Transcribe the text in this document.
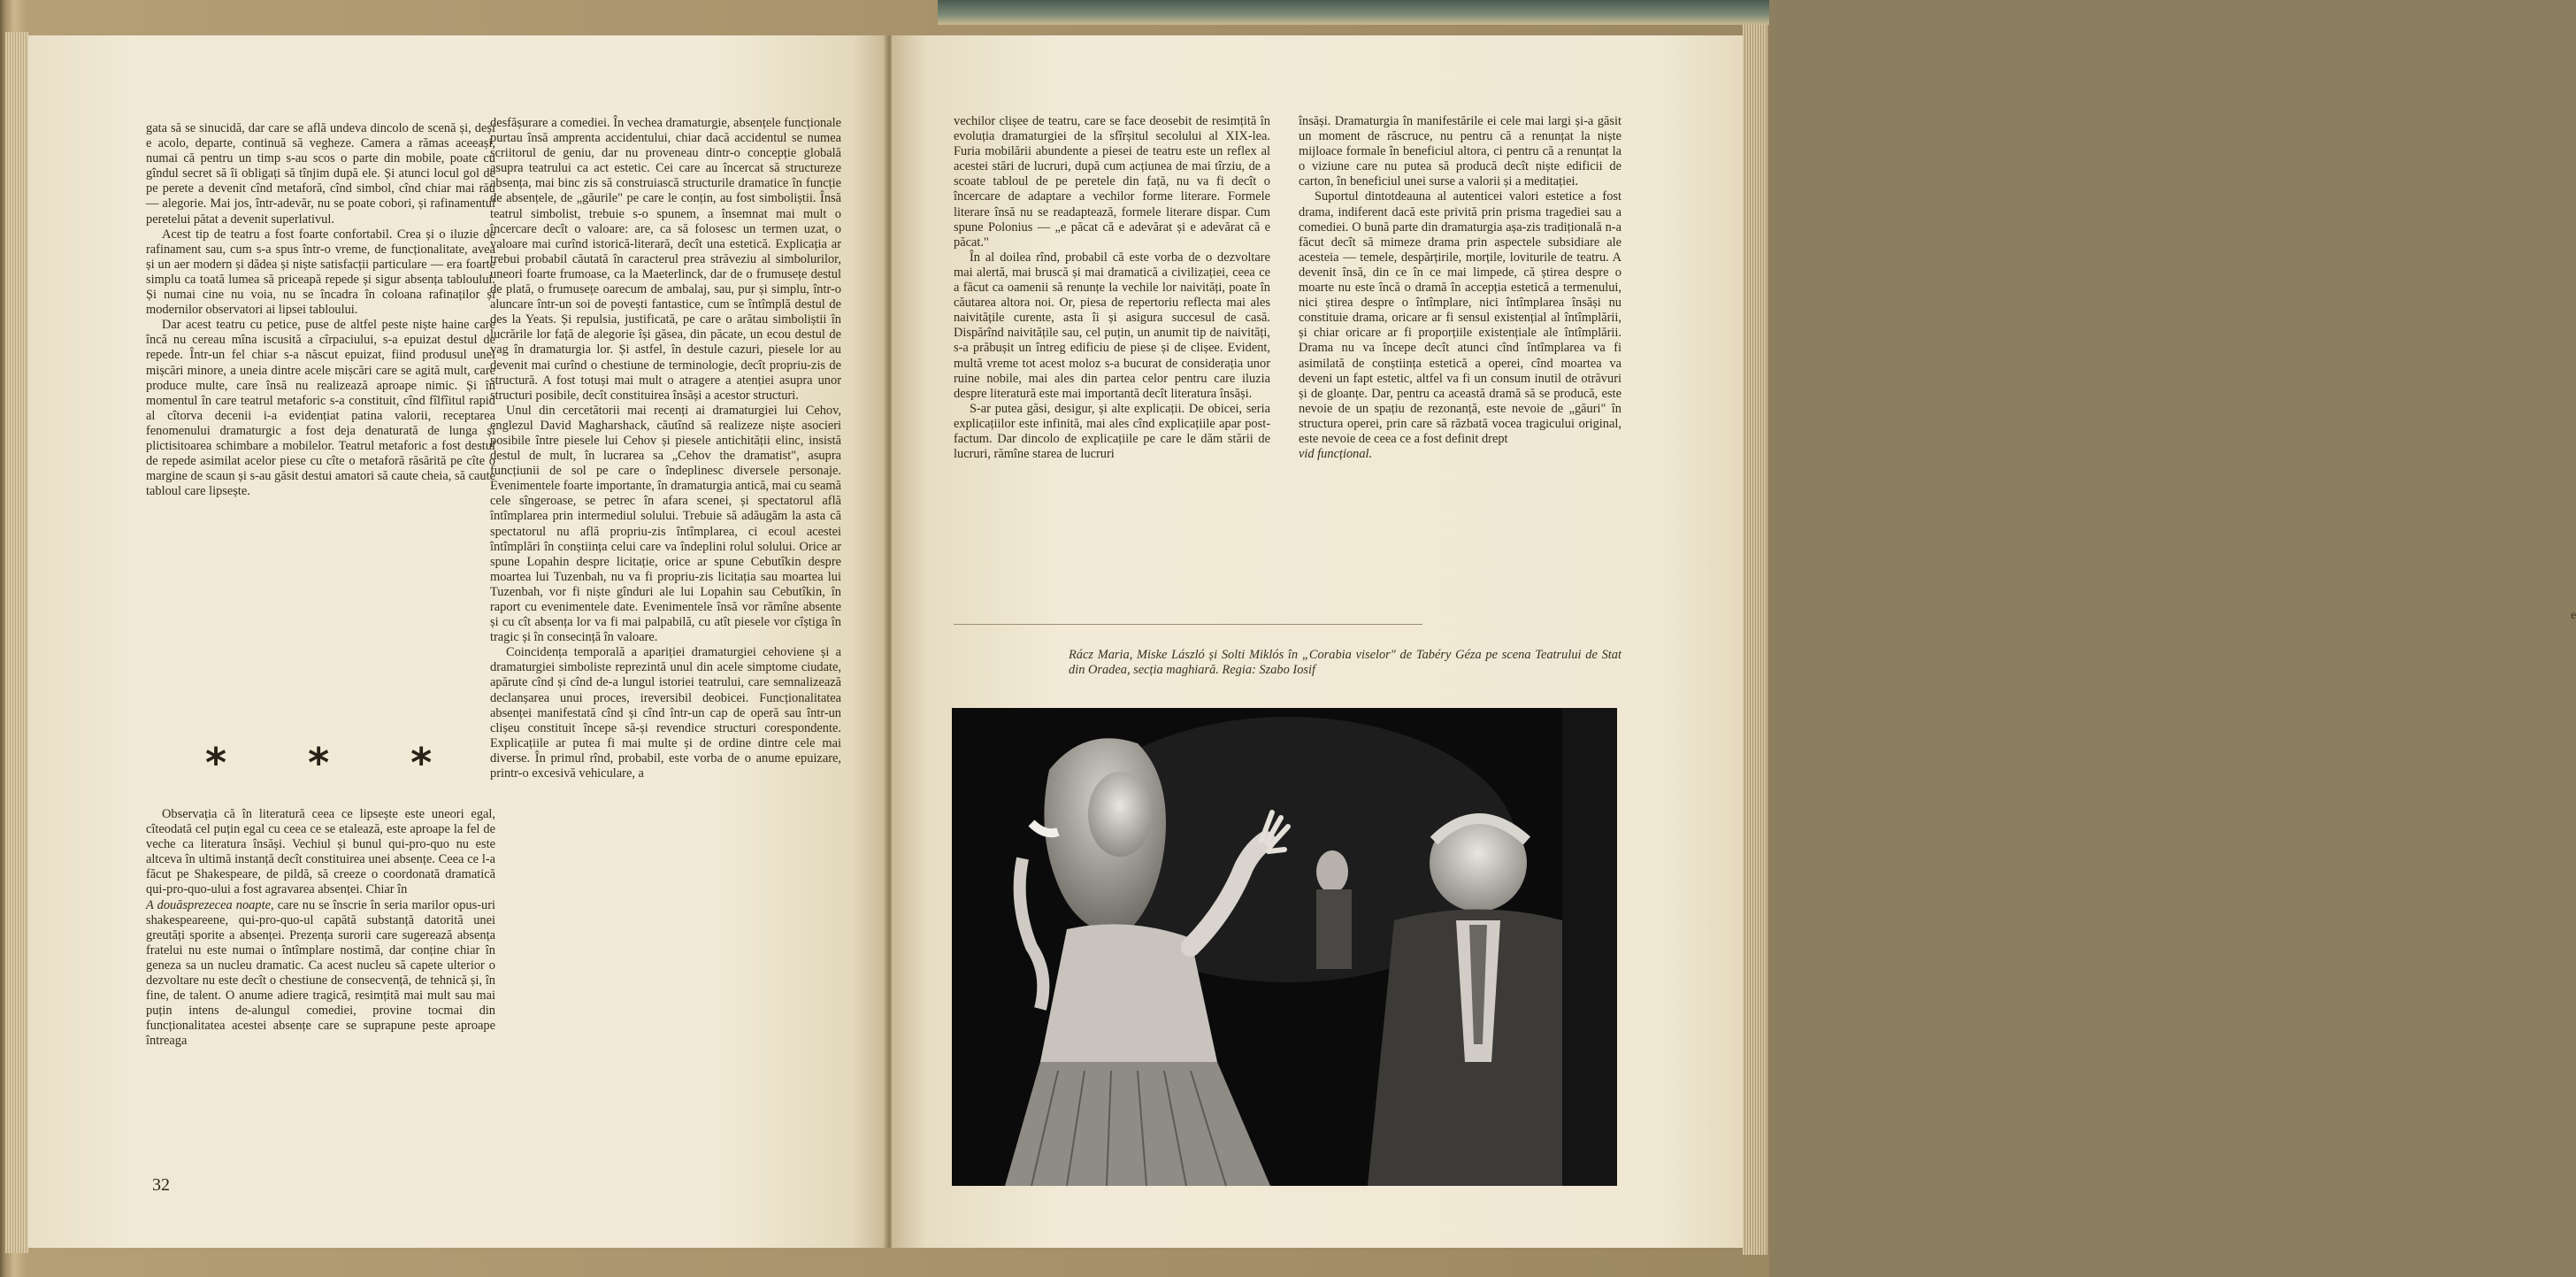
gata să se sinucidă, dar care se află undeva dincolo de scenă și, deși e acolo, departe, continuă să vegheze. Camera a rămas aceeași, numai că pentru un timp s-au scos o parte din mobile, poate cu gîndul secret să îi obligați să tînjim după ele. Și atunci locul gol de pe perete a devenit cînd metaforă, cînd simbol, cînd chiar mai rău — alegorie. Mai jos, într-adevăr, nu se poate cobori, și rafinamentul peretelui pătat a devenit superlativul.

Acest tip de teatru a fost foarte confortabil. Crea și o iluzie de rafinament sau, cum s-a spus într-o vreme, de funcționalitate, avea și un aer modern și dădea și niște satisfacții particulare — era foarte simplu ca toată lumea să priceapă repede și sigur absența tabloului. Și numai cine nu voia, nu se încadra în coloana rafinaților și modernilor observatori ai lipsei tabloului.

Dar acest teatru cu petice, puse de altfel peste niște haine care încă nu cereau mîna iscusită a cîrpaciului, s-a epuizat destul de repede. Într-un fel chiar s-a născut epuizat, fiind produsul unei mișcări minore, a uneia dintre acele mișcări care se agită mult, care produce multe, care însă nu realizează aproape nimic. Și în momentul în care teatrul metaforic s-a constituit, cînd fîlfîitul rapid al cîtorva decenii i-a evidențiat patina valorii, receptarea fenomenului dramaturgic a fost deja denaturată de lunga și plictisitoarea schimbare a mobilelor. Teatrul metaforic a fost destul de repede asimilat acelor piese cu cîte o metaforă răsărită pe cîte o margine de scaun și s-au găsit destui amatori să caute cheia, să caute tabloul care lipsește.

* * *

Observația că în literatură ceea ce lipsește este uneori egal, cîteodată cel puțin egal cu ceea ce se etalează, este aproape la fel de veche ca literatura însăși. Vechiul și bunul qui-pro-quo nu este altceva în ultimă instanță decît constituirea unei absențe. Ceea ce l-a făcut pe Shakespeare, de pildă, să creeze o coordonată dramatică qui-pro-quo-ului a fost agravarea absenței. Chiar în

A douăsprezecea noapte, care nu se înscrie în seria marilor opus-uri shakespeareene, qui-pro-quo-ul capătă substanță datorită unei greutăți sporite a absenței. Prezența surorii care sugerează absența fratelui nu este numai o întîmplare nostimă, dar conține chiar în geneza sa un nucleu dramatic. Ca acest nucleu să capete ulterior o dezvoltare nu este decît o chestiune de consecvență, de tehnică și, în fine, de talent. O anume adiere tragică, resimțită mai mult sau mai puțin intens de-alungul comediei, provine tocmai din funcționalitatea acestei absențe care se suprapune peste aproape întreaga

desfășurare a comediei. În vechea dramaturgie, absențele funcționale purtau însă amprenta accidentului, chiar dacă accidentul se numea scriitorul de geniu, dar nu proveneau dintr-o concepție globală asupra teatrului ca act estetic. Cei care au încercat să structureze absența, mai binc zis să construiască structurile dramatice în funcție de absențele, de „găurile" pe care le conțin, au fost simboliștii. Însă teatrul simbolist, trebuie s-o spunem, a însemnat mai mult o încercare decît o valoare: are, ca să folosesc un termen uzat, o valoare mai curînd istorică-literară, decît una estetică. Explicația ar trebui probabil căutată în caracterul prea străveziu al simbolurilor, uneori foarte frumoase, ca la Maeterlinck, dar de o frumusețe destul de plată, o frumusețe oarecum de ambalaj, sau, pur și simplu, într-o aluncare într-un soi de povești fantastice, cum se întîmplă destul de des la Yeats. Și repulsia, justificată, pe care o arătau simboliștii în lucrările lor față de alegorie își găsea, din păcate, un ecou destul de vag în dramaturgia lor. Și astfel, în destule cazuri, piesele lor au devenit mai curînd o chestiune de terminologie, decît propriu-zis de structură. A fost totuși mai mult o atragere a atenției asupra unor structuri posibile, decît constituirea însăși a acestor structuri.

Unul din cercetătorii mai recenți ai dramaturgiei lui Cehov, englezul David Magharshack, căutînd să realizeze niște asocieri posibile între piesele lui Cehov și piesele antichității elinc, insistă destul de mult, în lucrarea sa „Cehov the dramatist", asupra funcțiunii de sol pe care o îndeplinesc diversele personaje. Evenimentele foarte importante, în dramaturgia antică, mai cu seamă cele sîngeroase, se petrec în afara scenei, și spectatorul află întîmplarea prin intermediul solului. Trebuie să adăugăm la asta că spectatorul nu află propriu-zis întîmplarea, ci ecoul acestei întîmplări în conștiința celui care va îndeplini rolul solului. Orice ar spune Lopahin despre licitație, orice ar spune Cebutîkin despre moartea lui Tuzenbah, nu va fi propriu-zis licitația sau moartea lui Tuzenbah, vor fi niște gînduri ale lui Lopahin sau Cebutîkin, în raport cu evenimentele date. Evenimentele însă vor rămîne absente și cu cît absența lor va fi mai palpabilă, cu atît piesele vor cîștiga în tragic și în consecință în valoare.

Coincidența temporală a apariției dramaturgiei cehoviene și a dramaturgiei simboliste reprezintă unul din acele simptome ciudate, apărute cînd și cînd de-a lungul istoriei teatrului, care semnalizează declanșarea unui proces, ireversibil deobicei. Funcționalitatea absenței manifestată cînd și cînd într-un cap de operă sau într-un clișeu constituit începe să-și revendice structuri corespondente. Explicațiile ar putea fi mai multe și de ordine dintre cele mai diverse. În primul rînd, probabil, este vorba de o anume epuizare, printr-o excesivă vehiculare, a

32

vechilor clișee de teatru, care se face deosebit de resimțită în evoluția dramaturgiei de la sfîrșitul secolului al XIX-lea. Furia mobilării abundente a piesei de teatru este un reflex al acestei stări de lucruri, după cum acțiunea de mai tîrziu, de a scoate tabloul de pe peretele din față, nu va fi decît o încercare de adaptare a vechilor forme literare. Formele literare însă nu se readaptează, formele literare dispar. Cum spune Polonius — „e păcat că e adevărat și e adevărat că e păcat."

În al doilea rînd, probabil că este vorba de o dezvoltare mai alertă, mai bruscă și mai dramatică a civilizației, ceea ce a făcut ca oamenii să renunțe la vechile lor naivități, poate în căutarea altora noi. Or, piesa de repertoriu reflecta mai ales naivitățile curente, asta îi și asigura succesul de casă. Dispărînd naivitățile sau, cel puțin, un anumit tip de naivități, s-a prăbușit un întreg edificiu de piese și de clișee. Evident, multă vreme tot acest moloz s-a bucurat de considerația unor ruine nobile, mai ales din partea celor pentru care iluzia despre literatură este mai importantă decît literatura însăși.

S-ar putea găsi, desigur, și alte explicații. De obicei, seria explicațiilor este infinită, mai ales cînd explicațiile apar post-factum. Dar dincolo de explicațiile pe care le dăm stării de lucruri, rămîne starea de lucruri

însăși. Dramaturgia în manifestările ei cele mai largi și-a găsit un moment de răscruce, nu pentru că a renunțat la niște mijloace formale în beneficiul altora, ci pentru că a renunțat la o viziune care nu putea să producă decît niște edificii de carton, în beneficiul unei surse a valorii și a meditației.

Suportul dintotdeauna al autenticei valori estetice a fost drama, indiferent dacă este privită prin prisma tragediei sau a comediei. O bună parte din dramaturgia așa-zis tradițională n-a făcut decît să mimeze drama prin aspectele subsidiare ale acesteia — temele, despărțirile, morțile, loviturile de teatru. A devenit însă, din ce în ce mai limpede, că știrea despre o moarte nu este încă o dramă în accepția estetică a termenului, nici știrea despre o întîmplare, nici întîmplarea însăși nu constituie drama, oricare ar fi sensul existențial al întîmplării, și chiar oricare ar fi proporțiile existențiale ale întîmplării. Drama nu va începe decît atunci cînd întîmplarea va fi asimilată de conștiința estetică a operei, cînd moartea va deveni un fapt estetic, altfel va fi un consum inutil de otrăvuri și de gloanțe. Dar, pentru ca această dramă să se producă, este nevoie de un spațiu de rezonanță, este nevoie de „găuri" în structura operei, prin care să răzbată vocea tragicului original, este nevoie de ceea ce a fost definit drept

vid funcțional.

Rácz Maria, Miske László și Solti Miklós în „Corabia viselor" de Tabéry Géza pe scena Teatrului de Stat din Oradea, secția maghiară. Regia: Szabo Iosif
e
